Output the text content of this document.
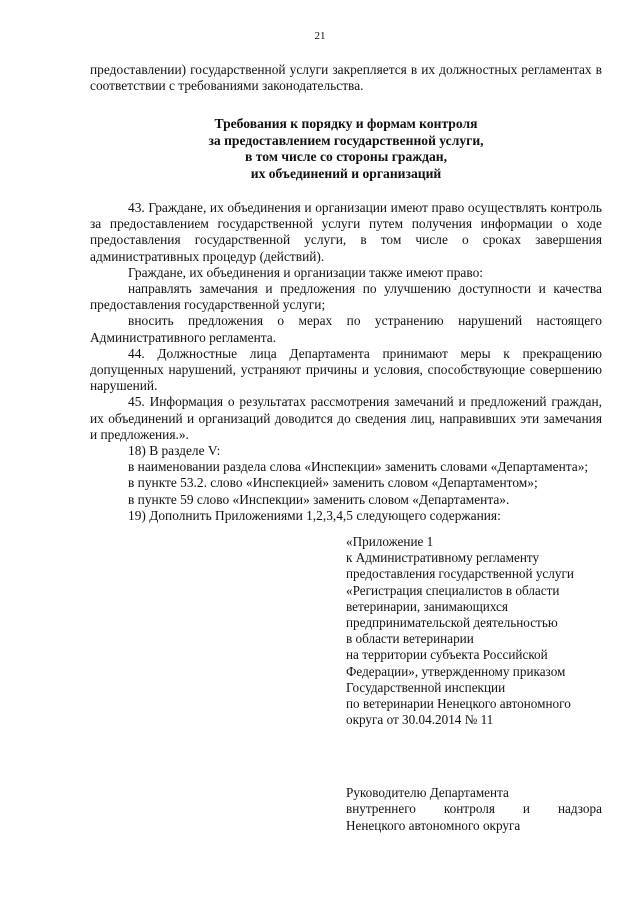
21

предоставлении) государственной услуги закрепляется в их должностных регламентах в соответствии с требованиями законодательства.

Требования к порядку и формам контроля
за предоставлением государственной услуги,
в том числе со стороны граждан,
их объединений и организаций

43. Граждане, их объединения и организации имеют право осуществлять контроль за предоставлением государственной услуги путем получения информации о ходе предоставления государственной услуги, в том числе о сроках завершения административных процедур (действий).

Граждане, их объединения и организации также имеют право:

направлять замечания и предложения по улучшению доступности и качества предоставления государственной услуги;

вносить предложения о мерах по устранению нарушений настоящего Административного регламента.

44. Должностные лица Департамента принимают меры к прекращению допущенных нарушений, устраняют причины и условия, способствующие совершению нарушений.

45. Информация о результатах рассмотрения замечаний и предложений граждан, их объединений и организаций доводится до сведения лиц, направивших эти замечания и предложения.».

18) В разделе V:

в наименовании раздела слова «Инспекции» заменить словами «Департамента»;

в пункте 53.2. слово «Инспекцией» заменить словом «Департаментом»;

в пункте 59 слово «Инспекции» заменить словом «Департамента».

19) Дополнить Приложениями 1,2,3,4,5 следующего содержания:

«Приложение 1
к Административному регламенту
предоставления государственной услуги
«Регистрация специалистов в области
ветеринарии, занимающихся
предпринимательской деятельностью
в области ветеринарии
на территории субъекта Российской
Федерации», утвержденному приказом
Государственной инспекции
по ветеринарии Ненецкого автономного
округа от 30.04.2014 № 11
Руководителю Департамента
внутреннего контроля и надзора
Ненецкого автономного округа
